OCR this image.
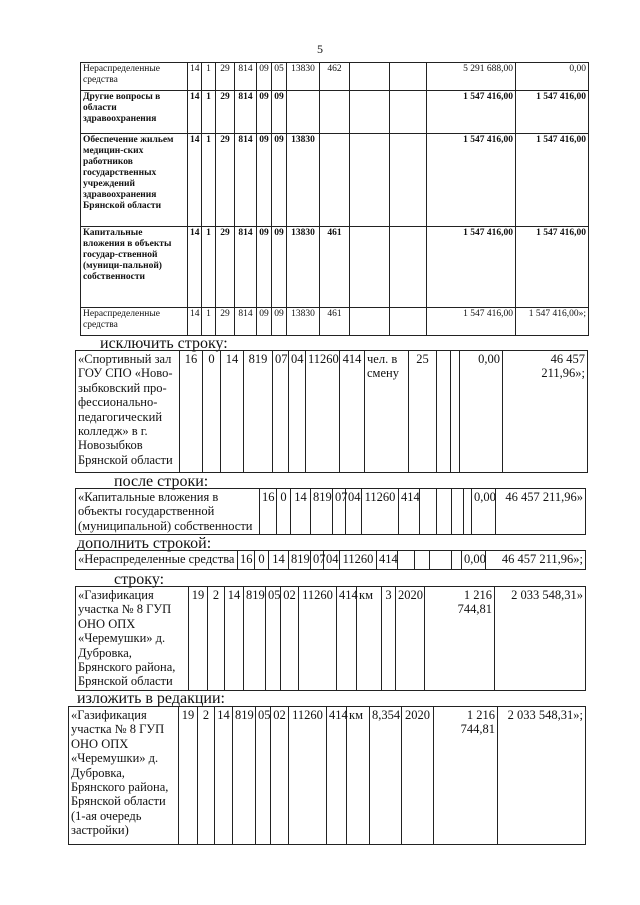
5
Нераспределенные средства	14	1	29	814	09	05	13830	462			5 291 688,00	0,00
Другие вопросы в области здравоохранения	14	1	29	814	09	09					1 547 416,00	1 547 416,00
Обеспечение жильем медицин-ских работников государственных учреждений здравоохранения Брянской области	14	1	29	814	09	09	13830				1 547 416,00	1 547 416,00
Капитальные вложения в объекты государ-ственной (муници-пальной) собственности	14	1	29	814	09	09	13830	461			1 547 416,00	1 547 416,00
Нераспределенные средства	14	1	29	814	09	09	13830	461			1 547 416,00	1 547 416,00»;
исключить строку:
«Спортивный зал ГОУ СПО «Ново-зыбковский про-фессионально-педагогический колледж» в г. Новозыбков Брянской области	16	0	14	819	07	04	11260	414	чел. в смену	25			0,00	46 457 211,96»;
после строки:
«Капитальные вложения в объекты государственной (муниципальной) собственности	16	0	14	819	07	04	11260	414					0,00	46 457 211,96»
дополнить строкой:
«Нераспределенные средства	16	0	14	819	07	04	11260	414					0,00	46 457 211,96»;
строку:
«Газификация участка № 8 ГУП ОНО ОПХ «Черемушки» д. Дубровка, Брянского района, Брянской области	19	2	14	819	05	02	11260	414	км	3	2020	1 216 744,81	2 033 548,31»
изложить в редакции:
«Газификация участка № 8 ГУП ОНО ОПХ «Черемушки» д. Дубровка, Брянского района, Брянской области (1-ая очередь застройки)	19	2	14	819	05	02	11260	414	км	8,354	2020	1 216 744,81	2 033 548,31»;
